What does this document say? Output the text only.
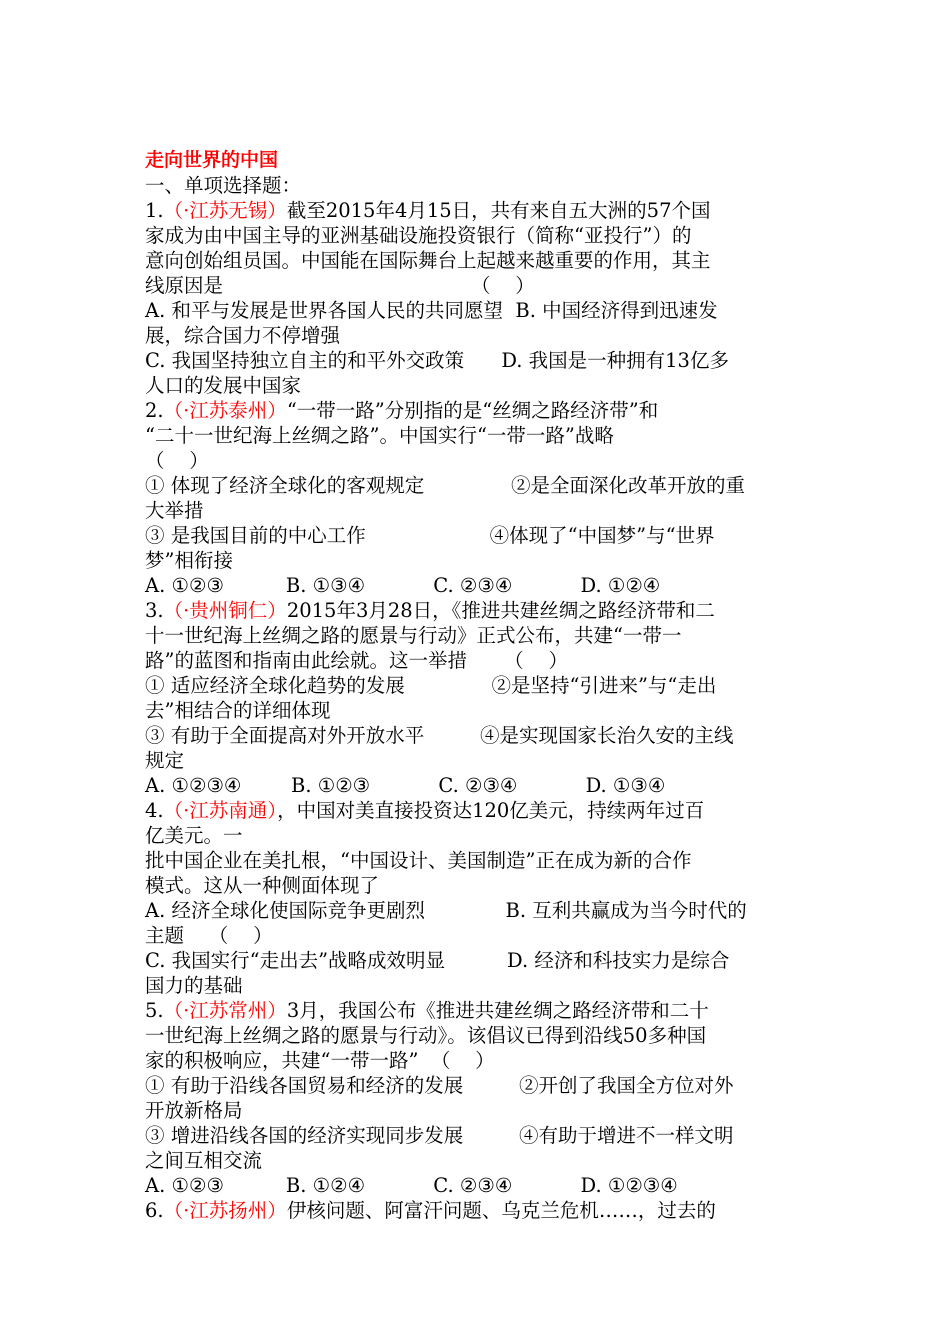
走向世界的中国
一、单项选择题：
1.（·江苏无锡）截至2015年4月15日，共有来自五大洲的57个国
家成为由中国主导的亚洲基础设施投资银行（简称“亚投行”）的
意向创始组员国。中国能在国际舞台上起越来越重要的作用，其主
线原因是                                        （    ）
A. 和平与发展是世界各国人民的共同愿望  B. 中国经济得到迅速发
展，综合国力不停增强
C. 我国坚持独立自主的和平外交政策      D. 我国是一种拥有13亿多
人口的发展中国家
2.（·江苏泰州）“一带一路”分别指的是“丝绸之路经济带”和
“二十一世纪海上丝绸之路”。中国实行“一带一路”战略
（    ）
① 体现了经济全球化的客观规定              ②是全面深化改革开放的重
大举措
③ 是我国目前的中心工作                    ④体现了“中国梦”与“世界
梦”相衔接
A. ①②③          B. ①③④           C. ②③④           D. ①②④
3.（·贵州铜仁）2015年3月28日，《推进共建丝绸之路经济带和二
十一世纪海上丝绸之路的愿景与行动》正式公布，共建“一带一
路”的蓝图和指南由此绘就。这一举措      （    ）
① 适应经济全球化趋势的发展              ②是坚持“引进来”与“走出
去”相结合的详细体现
③ 有助于全面提高对外开放水平         ④是实现国家长治久安的主线
规定
A. ①②③④        B. ①②③           C. ②③④           D. ①③④
4.（·江苏南通），中国对美直接投资达120亿美元，持续两年过百
亿美元。一
批中国企业在美扎根，“中国设计、美国制造”正在成为新的合作
模式。这从一种侧面体现了
A. 经济全球化使国际竞争更剧烈             B. 互利共赢成为当今时代的
主题    （    ）
C. 我国实行“走出去”战略成效明显          D. 经济和科技实力是综合
国力的基础
5.（·江苏常州）3月，我国公布《推进共建丝绸之路经济带和二十
一世纪海上丝绸之路的愿景与行动》。该倡议已得到沿线50多种国
家的积极响应，共建“一带一路”  （    ）
① 有助于沿线各国贸易和经济的发展         ②开创了我国全方位对外
开放新格局
③ 增进沿线各国的经济实现同步发展         ④有助于增进不一样文明
之间互相交流
A. ①②③          B. ①②④           C. ②③④           D. ①②③④
6.（·江苏扬州）伊核问题、阿富汗问题、乌克兰危机……，过去的
